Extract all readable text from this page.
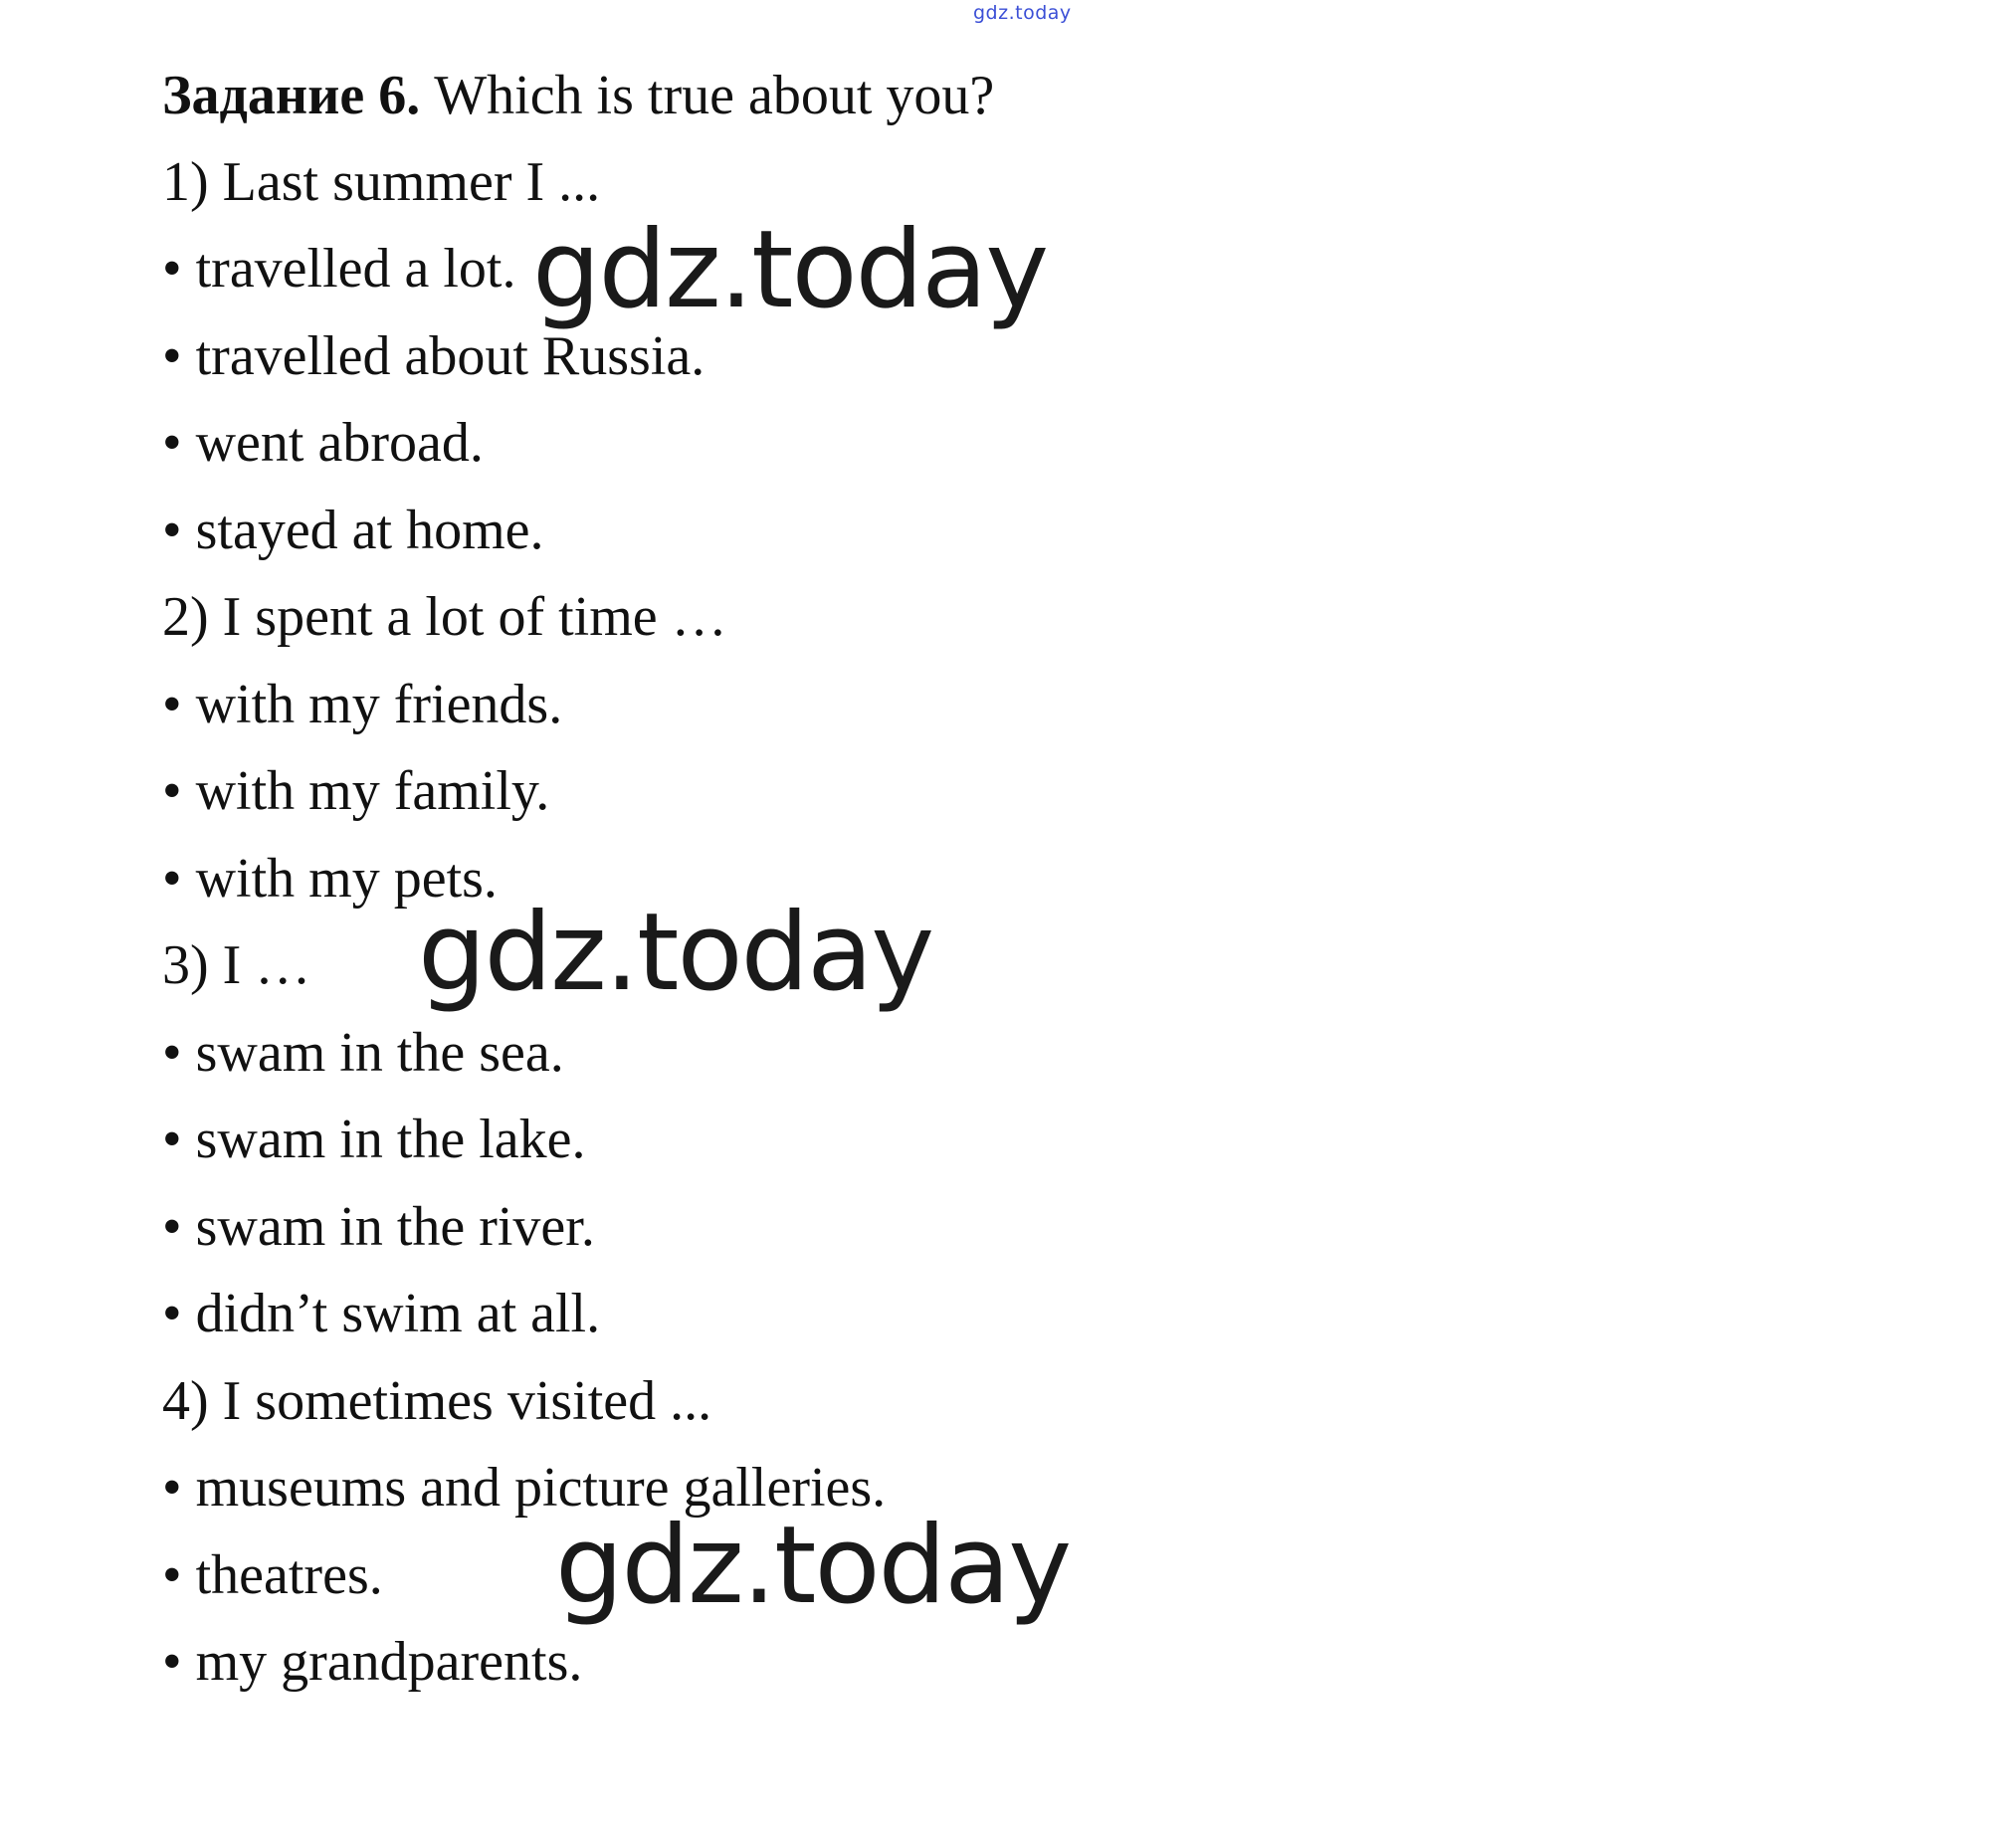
gdz.today
Задание 6. Which is true about you?
1) Last summer I ...
• travelled a lot.
• travelled about Russia.
• went abroad.
• stayed at home.
2) I spent a lot of time …
• with my friends.
• with my family.
• with my pets.
3) I …
• swam in the sea.
• swam in the lake.
• swam in the river.
• didn’t swim at all.
4) I sometimes visited ...
• museums and picture galleries.
• theatres.
• my grandparents.
gdz.today
gdz.today
gdz.today
